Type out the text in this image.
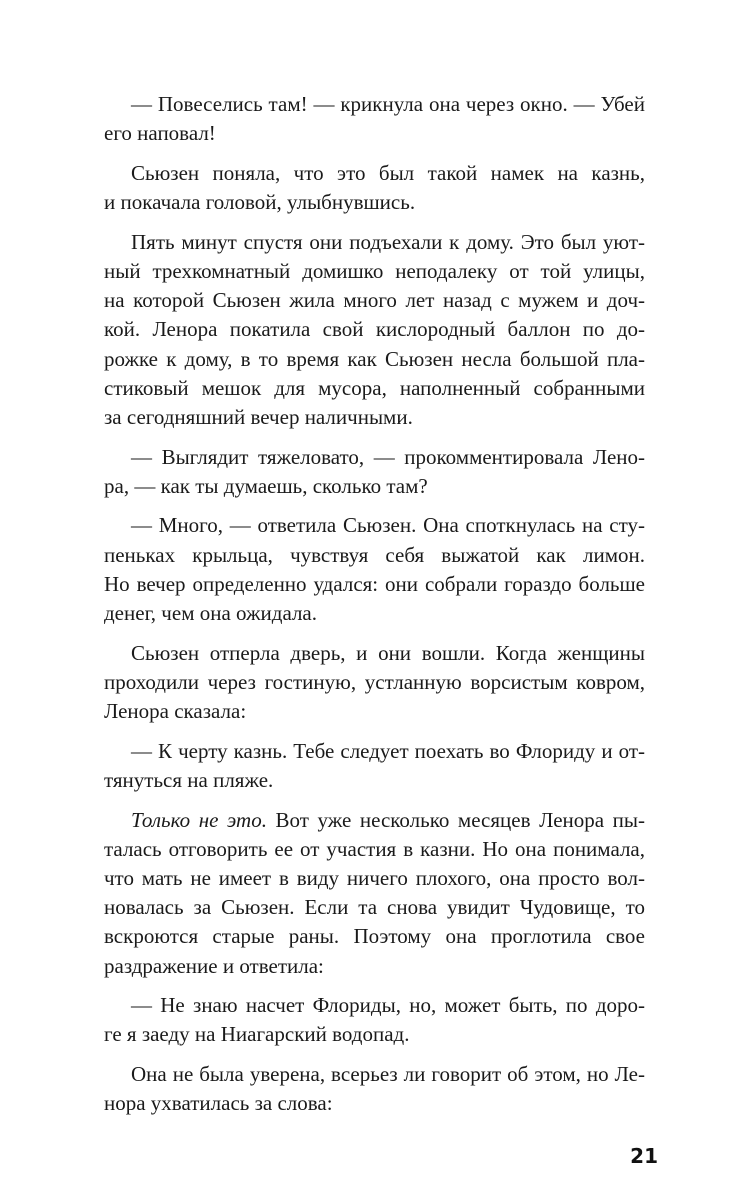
— Повеселись там! — крикнула она через окно. — Убей
его наповал!
Сьюзен поняла, что это был такой намек на казнь,
и покачала головой, улыбнувшись.
Пять минут спустя они подъехали к дому. Это был уют-
ный трехкомнатный домишко неподалеку от той улицы,
на которой Сьюзен жила много лет назад с мужем и доч-
кой. Ленора покатила свой кислородный баллон по до-
рожке к дому, в то время как Сьюзен несла большой пла-
стиковый мешок для мусора, наполненный собранными
за сегодняшний вечер наличными.
— Выглядит тяжеловато, — прокомментировала Лено-
ра, — как ты думаешь, сколько там?
— Много, — ответила Сьюзен. Она споткнулась на сту-
пеньках крыльца, чувствуя себя выжатой как лимон.
Но вечер определенно удался: они собрали гораздо больше
денег, чем она ожидала.
Сьюзен отперла дверь, и они вошли. Когда женщины
проходили через гостиную, устланную ворсистым ковром,
Ленора сказала:
— К черту казнь. Тебе следует поехать во Флориду и от-
тянуться на пляже.
Только не это. Вот уже несколько месяцев Ленора пы-
талась отговорить ее от участия в казни. Но она понимала,
что мать не имеет в виду ничего плохого, она просто вол-
новалась за Сьюзен. Если та снова увидит Чудовище, то
вскроются старые раны. Поэтому она проглотила свое
раздражение и ответила:
— Не знаю насчет Флориды, но, может быть, по доро-
ге я заеду на Ниагарский водопад.
Она не была уверена, всерьез ли говорит об этом, но Ле-
нора ухватилась за слова:
21
